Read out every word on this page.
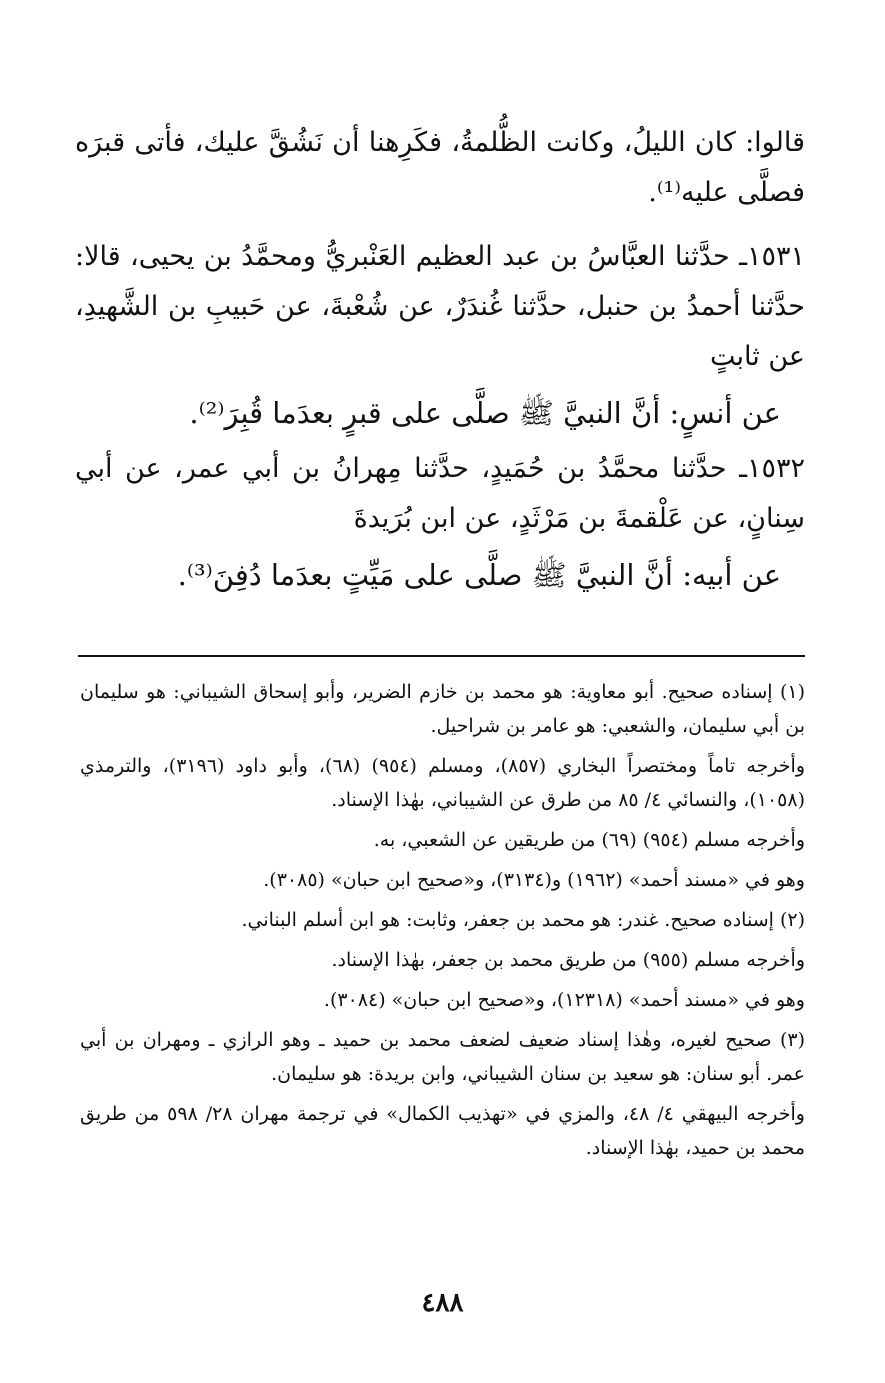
قالوا: كان الليلُ، وكانت الظُّلمةُ، فكَرِهنا أن نَشُقَّ عليك، فأتى قبرَه فصلَّى عليه⁽¹⁾.

١٥٣١ـ حدَّثنا العبَّاسُ بن عبد العظيم العَنْبريُّ ومحمَّدُ بن يحيى، قالا: حدَّثنا أحمدُ بن حنبل، حدَّثنا غُندَرٌ، عن شُعْبةَ، عن حَبيبِ بن الشَّهيدِ، عن ثابتٍ

عن أنسٍ: أنَّ النبيَّ ﷺ صلَّى على قبرٍ بعدَما قُبِرَ⁽²⁾.

١٥٣٢ـ حدَّثنا محمَّدُ بن حُمَيدٍ، حدَّثنا مِهرانُ بن أبي عمر، عن أبي سِنانٍ، عن عَلْقمةَ بن مَرْثَدٍ، عن ابن بُرَيدةَ

عن أبيه: أنَّ النبيَّ ﷺ صلَّى على مَيِّتٍ بعدَما دُفِنَ⁽³⁾.

(١) إسناده صحيح. أبو معاوية: هو محمد بن خازم الضرير، وأبو إسحاق الشيباني: هو سليمان بن أبي سليمان، والشعبي: هو عامر بن شراحيل.

وأخرجه تاماً ومختصراً البخاري (٨٥٧)، ومسلم (٩٥٤) (٦٨)، وأبو داود (٣١٩٦)، والترمذي (١٠٥٨)، والنسائي ٤/ ٨٥ من طرق عن الشيباني، بهٰذا الإسناد.

وأخرجه مسلم (٩٥٤) (٦٩) من طريقين عن الشعبي، به.

وهو في «مسند أحمد» (١٩٦٢) و(٣١٣٤)، و«صحيح ابن حبان» (٣٠٨٥).

(٢) إسناده صحيح. غندر: هو محمد بن جعفر، وثابت: هو ابن أسلم البناني.

وأخرجه مسلم (٩٥٥) من طريق محمد بن جعفر، بهٰذا الإسناد.

وهو في «مسند أحمد» (١٢٣١٨)، و«صحيح ابن حبان» (٣٠٨٤).

(٣) صحيح لغيره، وهٰذا إسناد ضعيف لضعف محمد بن حميد ـ وهو الرازي ـ ومهران بن أبي عمر. أبو سنان: هو سعيد بن سنان الشيباني، وابن بريدة: هو سليمان.

وأخرجه البيهقي ٤/ ٤٨، والمزي في «تهذيب الكمال» في ترجمة مهران ٢٨/ ٥٩٨ من طريق محمد بن حميد، بهٰذا الإسناد.

٤٨٨
